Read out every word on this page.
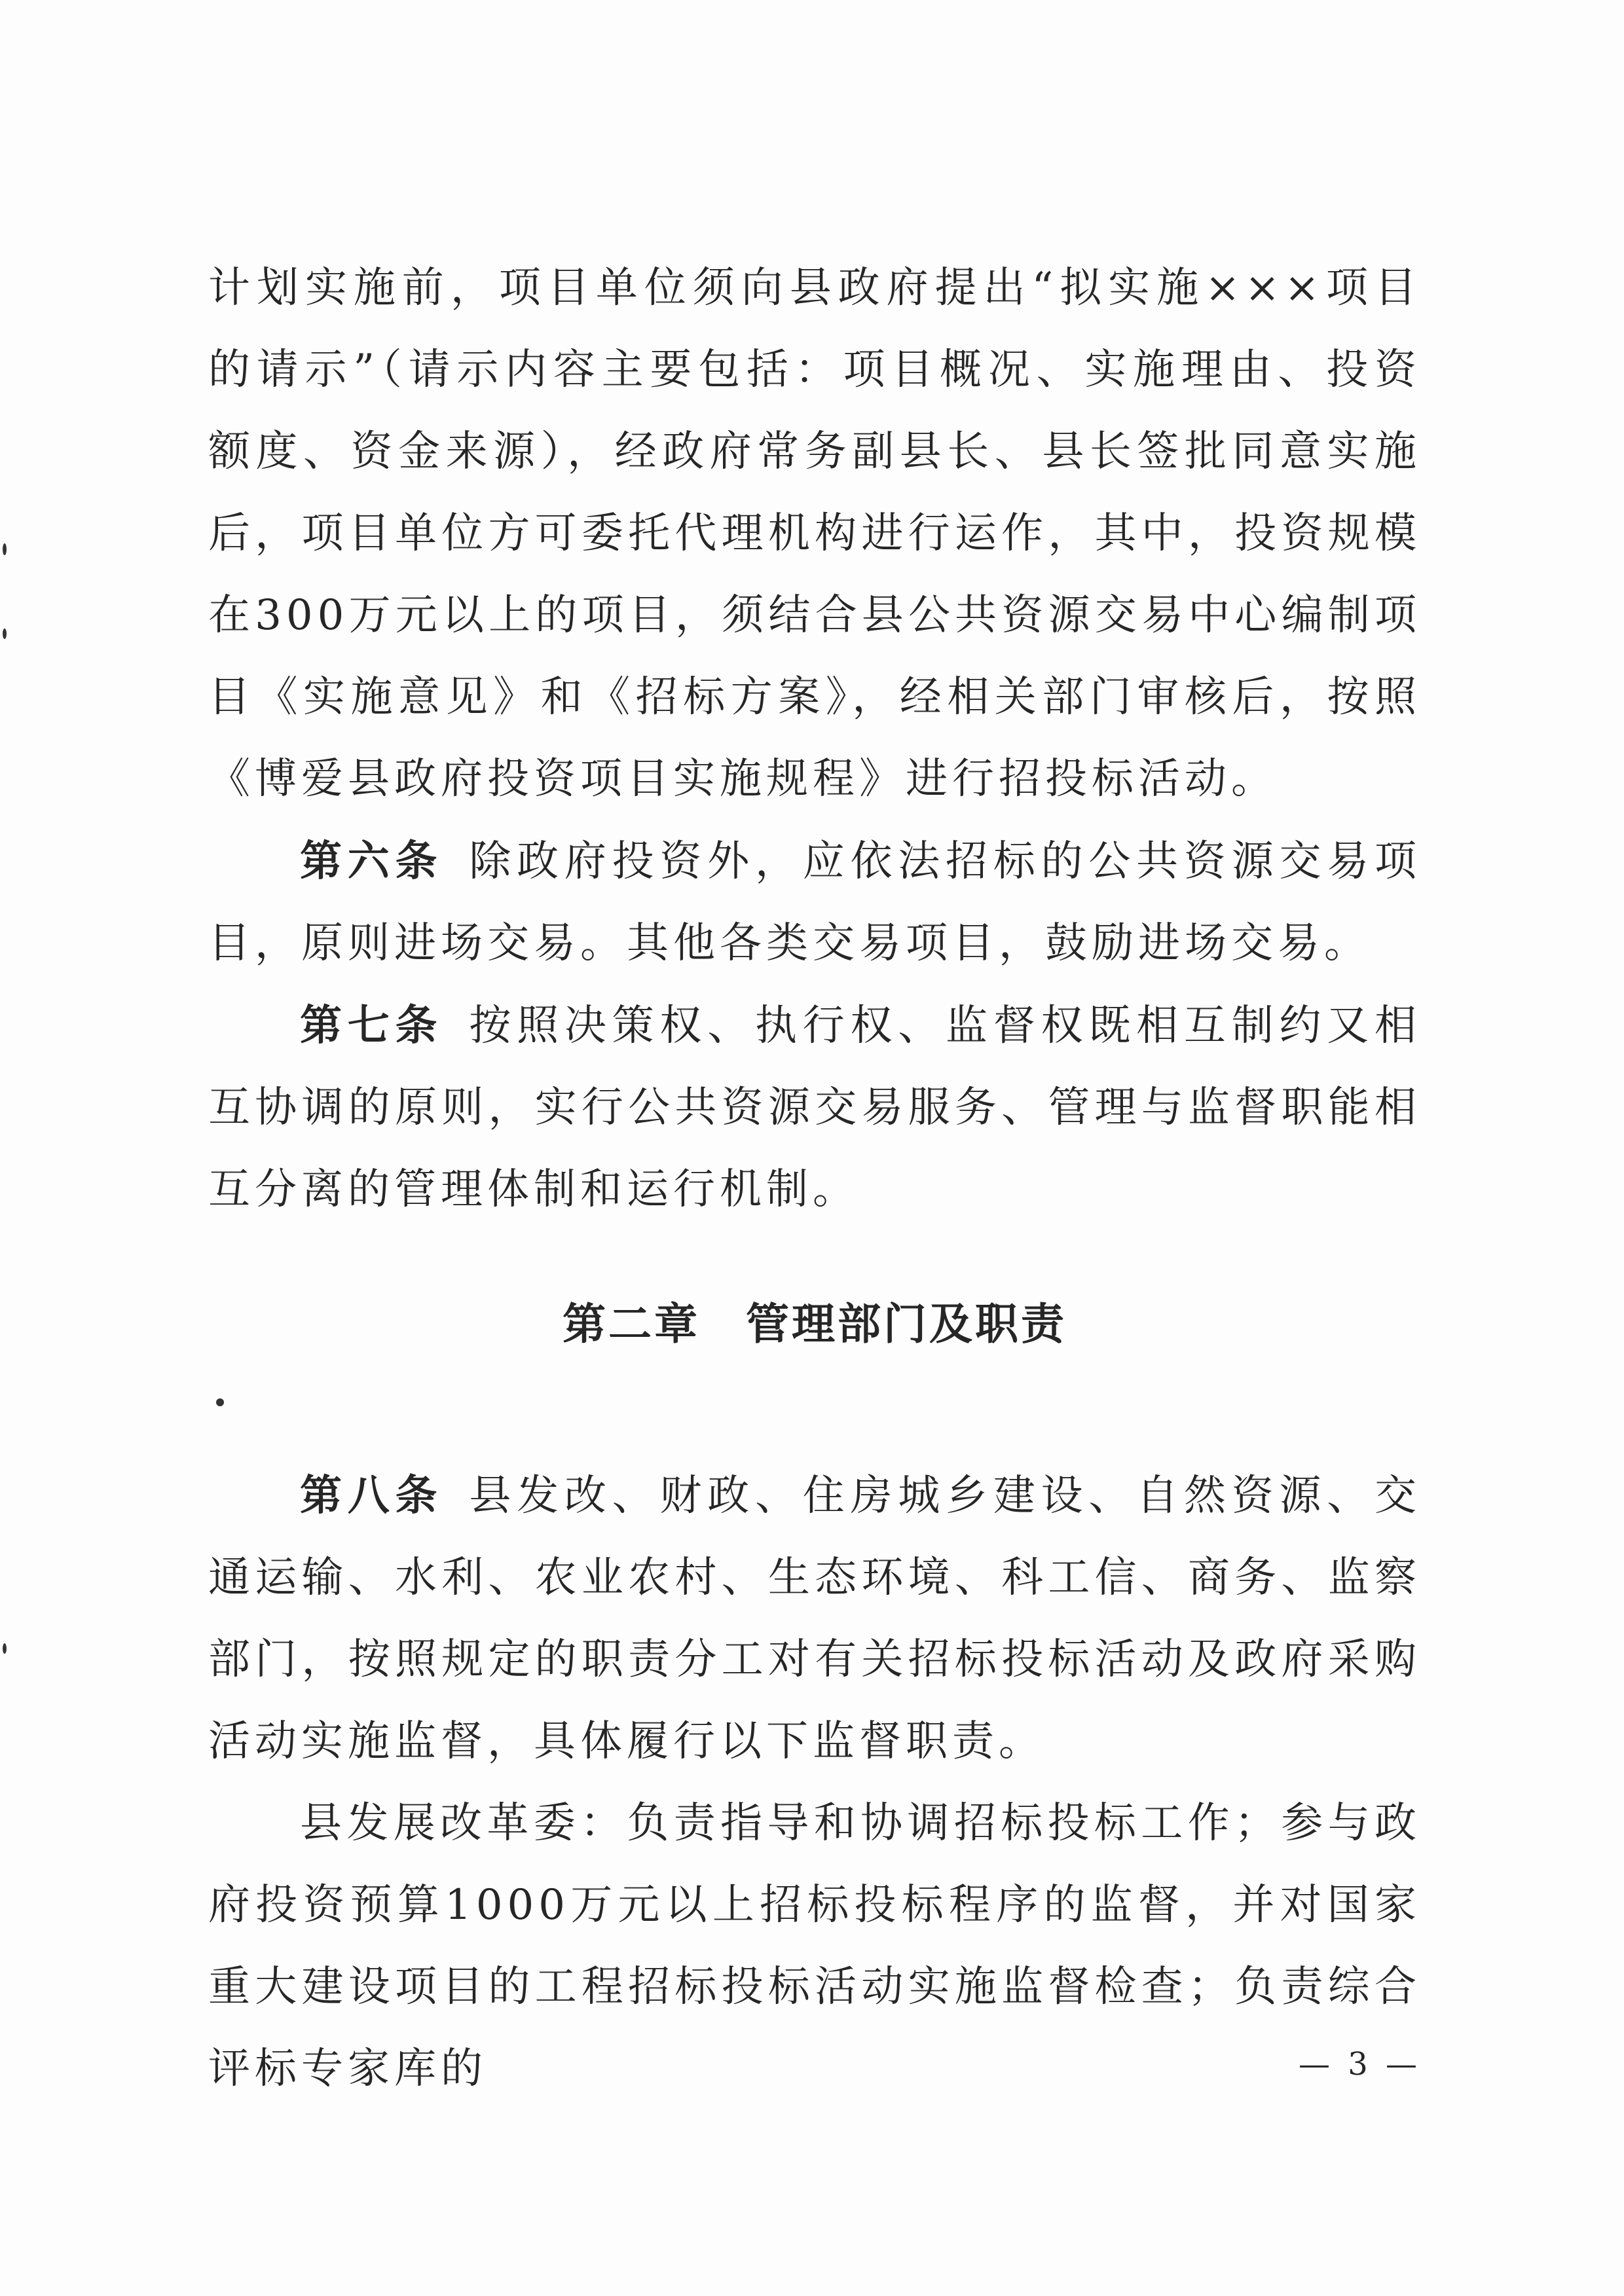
计划实施前，项目单位须向县政府提出“拟实施×××项目的请示”（请示内容主要包括：项目概况、实施理由、投资额度、资金来源），经政府常务副县长、县长签批同意实施后，项目单位方可委托代理机构进行运作，其中，投资规模在300万元以上的项目，须结合县公共资源交易中心编制项目《实施意见》和《招标方案》，经相关部门审核后，按照《博爱县政府投资项目实施规程》进行招投标活动。

第六条 除政府投资外，应依法招标的公共资源交易项目，原则进场交易。其他各类交易项目，鼓励进场交易。

第七条 按照决策权、执行权、监督权既相互制约又相互协调的原则，实行公共资源交易服务、管理与监督职能相互分离的管理体制和运行机制。

第二章 管理部门及职责

第八条 县发改、财政、住房城乡建设、自然资源、交通运输、水利、农业农村、生态环境、科工信、商务、监察部门，按照规定的职责分工对有关招标投标活动及政府采购活动实施监督，具体履行以下监督职责。

县发展改革委：负责指导和协调招标投标工作；参与政府投资预算1000万元以上招标投标程序的监督，并对国家重大建设项目的工程招标投标活动实施监督检查；负责综合评标专家库的	— 3 —
